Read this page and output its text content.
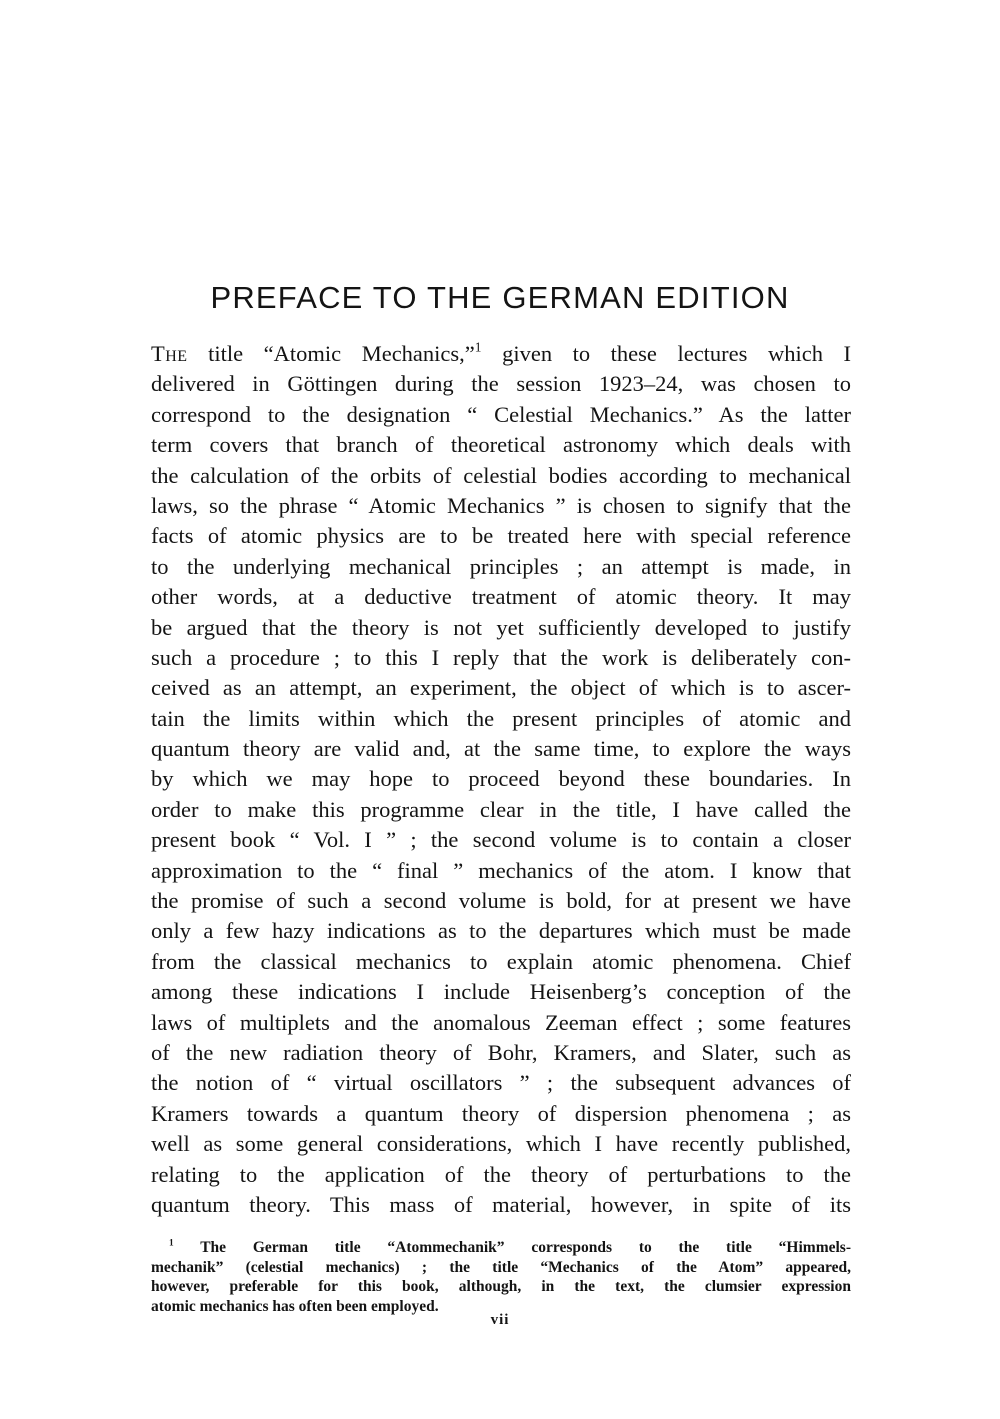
PREFACE TO THE GERMAN EDITION
The title “Atomic Mechanics,”$^1$ given to these lectures which I
delivered in Göttingen during the session 1923–24, was chosen to
correspond to the designation “ Celestial Mechanics.” As the latter
term covers that branch of theoretical astronomy which deals with
the calculation of the orbits of celestial bodies according to mechanical
laws, so the phrase “ Atomic Mechanics ” is chosen to signify that the
facts of atomic physics are to be treated here with special reference
to the underlying mechanical principles ; an attempt is made, in
other words, at a deductive treatment of atomic theory. It may
be argued that the theory is not yet sufficiently developed to justify
such a procedure ; to this I reply that the work is deliberately con-
ceived as an attempt, an experiment, the object of which is to ascer-
tain the limits within which the present principles of atomic and
quantum theory are valid and, at the same time, to explore the ways
by which we may hope to proceed beyond these boundaries. In
order to make this programme clear in the title, I have called the
present book “ Vol. I ” ; the second volume is to contain a closer
approximation to the “ final ” mechanics of the atom. I know that
the promise of such a second volume is bold, for at present we have
only a few hazy indications as to the departures which must be made
from the classical mechanics to explain atomic phenomena. Chief
among these indications I include Heisenberg’s conception of the
laws of multiplets and the anomalous Zeeman effect ; some features
of the new radiation theory of Bohr, Kramers, and Slater, such as
the notion of “ virtual oscillators ” ; the subsequent advances of
Kramers towards a quantum theory of dispersion phenomena ; as
well as some general considerations, which I have recently published,
relating to the application of the theory of perturbations to the
quantum theory. This mass of material, however, in spite of its
$^1$ The German title “Atommechanik” corresponds to the title “Himmels-
mechanik” (celestial mechanics) ; the title “Mechanics of the Atom” appeared,
however, preferable for this book, although, in the text, the clumsier expression
atomic mechanics has often been employed.
vii
